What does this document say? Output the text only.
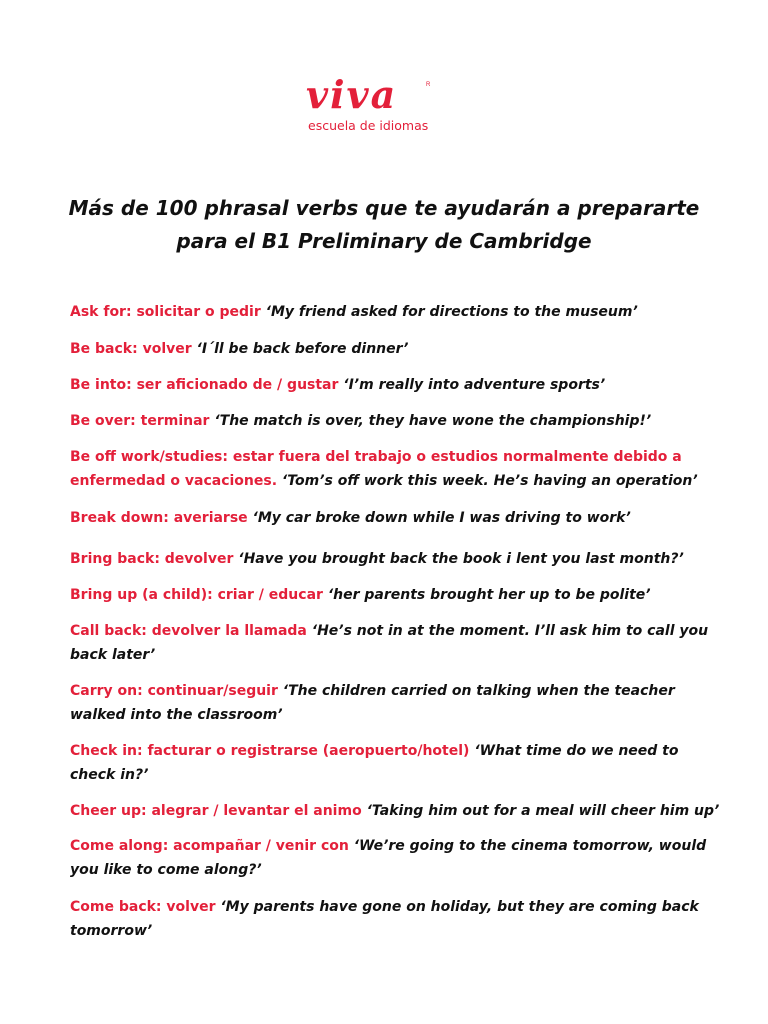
viva	R
escuela de idiomas
Más de 100 phrasal verbs que te ayudarán a prepararte para el B1 Preliminary de Cambridge
Ask for: solicitar o pedir ‘My friend asked for directions to the museum’
Be back: volver ‘I´ll be back before dinner’
Be into: ser aficionado de / gustar ‘I’m really into adventure sports’
Be over: terminar ‘The match is over, they have wone the championship!’
Be off work/studies: estar fuera del trabajo o estudios normalmente debido a enfermedad o vacaciones. ‘Tom’s off work this week. He’s having an operation’
Break down: averiarse ‘My car broke down while I was driving to work’
Bring back: devolver ‘Have you brought back the book i lent you last month?’
Bring up (a child): criar / educar ‘her parents brought her up to be polite’
Call back: devolver la llamada ‘He’s not in at the moment. I’ll ask him to call you back later’
Carry on: continuar/seguir ‘The children carried on talking when the teacher walked into the classroom’
Check in: facturar o registrarse (aeropuerto/hotel) ‘What time do we need to check in?’
Cheer up: alegrar / levantar el animo ‘Taking him out for a meal will cheer him up’
Come along: acompañar / venir con ‘We’re going to the cinema tomorrow, would you like to come along?’
Come back: volver ‘My parents have gone on holiday, but they are coming back tomorrow’
